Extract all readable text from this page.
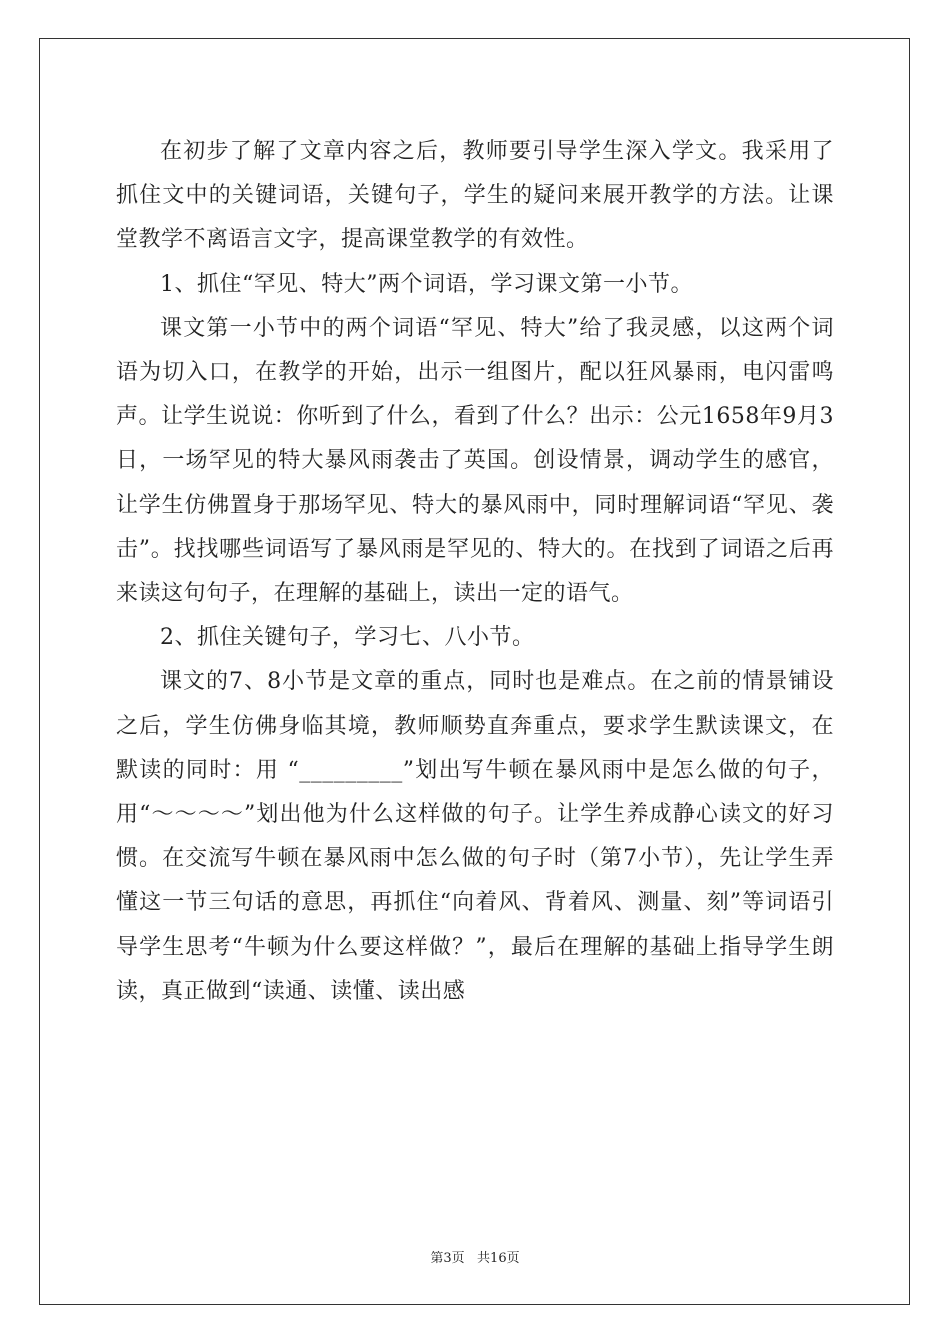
在初步了解了文章内容之后，教师要引导学生深入学文。我采用了抓住文中的关键词语，关键句子，学生的疑问来展开教学的方法。让课堂教学不离语言文字，提高课堂教学的有效性。

1、抓住“罕见、特大”两个词语，学习课文第一小节。

课文第一小节中的两个词语“罕见、特大”给了我灵感，以这两个词语为切入口，在教学的开始，出示一组图片，配以狂风暴雨，电闪雷鸣声。让学生说说：你听到了什么，看到了什么？出示：公元1658年9月3日，一场罕见的特大暴风雨袭击了英国。创设情景，调动学生的感官，让学生仿佛置身于那场罕见、特大的暴风雨中，同时理解词语“罕见、袭击”。找找哪些词语写了暴风雨是罕见的、特大的。在找到了词语之后再来读这句句子，在理解的基础上，读出一定的语气。

2、抓住关键句子，学习七、八小节。

课文的7、8小节是文章的重点，同时也是难点。在之前的情景铺设之后，学生仿佛身临其境，教师顺势直奔重点，要求学生默读课文，在默读的同时：用 “_________”划出写牛顿在暴风雨中是怎么做的句子，用“～～～～”划出他为什么这样做的句子。让学生养成静心读文的好习惯。在交流写牛顿在暴风雨中怎么做的句子时（第7小节），先让学生弄懂这一节三句话的意思，再抓住“向着风、背着风、测量、刻”等词语引导学生思考“牛顿为什么要这样做？”，最后在理解的基础上指导学生朗读，真正做到“读通、读懂、读出感

第3页   共16页
